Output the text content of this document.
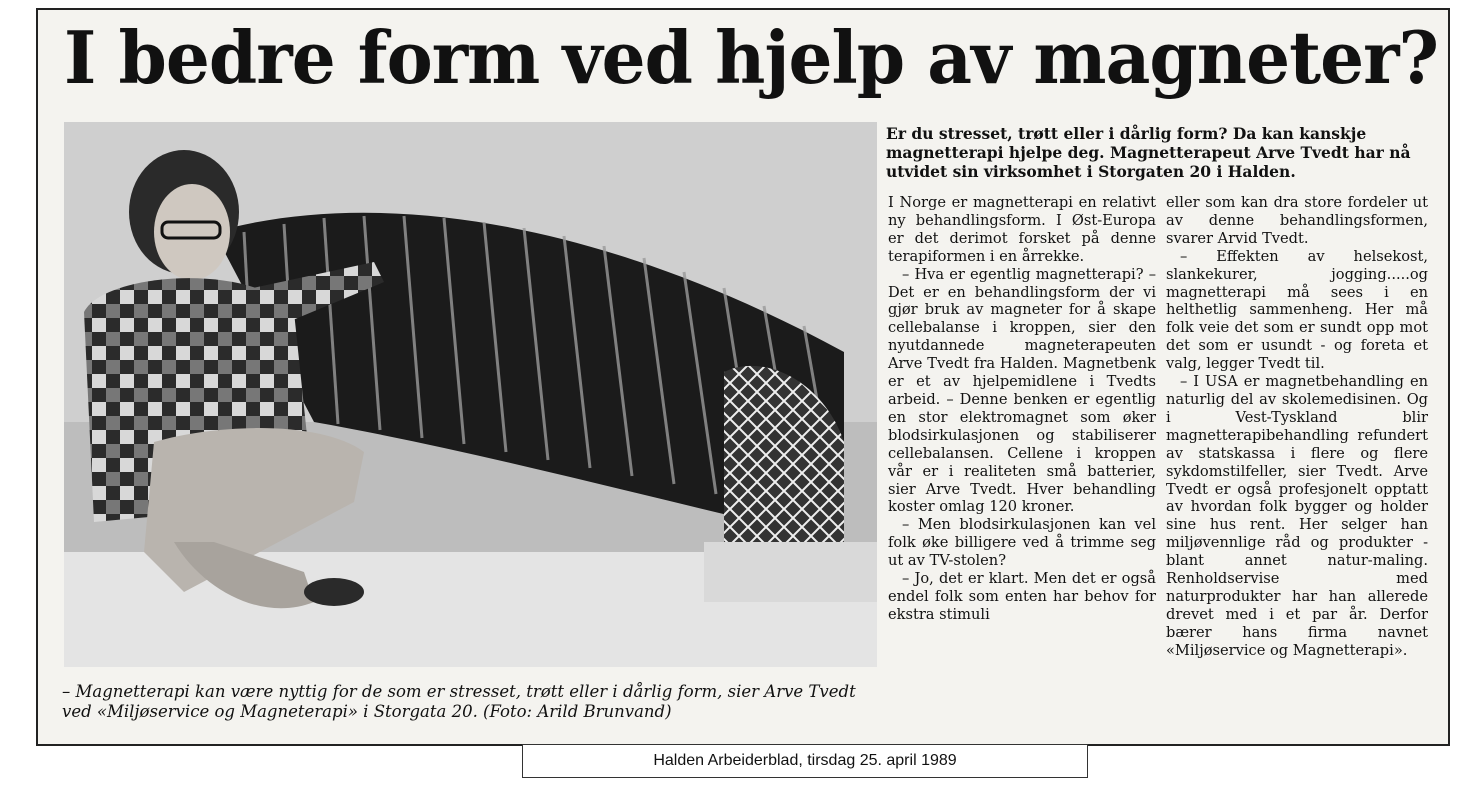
I bedre form ved hjelp av magneter?

– Magnetterapi kan være nyttig for de som er stresset, trøtt eller i dårlig form, sier Arve Tvedt ved «Miljøservice og Magneterapi» i Storgata 20. (Foto: Arild Brunvand)

Er du stresset, trøtt eller i dårlig form? Da kan kanskje magnetterapi hjelpe deg. Magnetterapeut Arve Tvedt har nå utvidet sin virksomhet i Storgaten 20 i Halden.

I Norge er magnetterapi en relativt ny behandlingsform. I Øst-Europa er det derimot forsket på denne terapiformen i en årrekke.

– Hva er egentlig magnetterapi? – Det er en behandlingsform der vi gjør bruk av magneter for å skape cellebalanse i kroppen, sier den nyutdannede magneterapeuten Arve Tvedt fra Halden. Magnetbenk er et av hjelpemidlene i Tvedts arbeid. – Denne benken er egentlig en stor elektromagnet som øker blodsirkulasjonen og stabiliserer cellebalansen. Cellene i kroppen vår er i realiteten små batterier, sier Arve Tvedt. Hver behandling koster omlag 120 kroner.

– Men blodsirkulasjonen kan vel folk øke billigere ved å trimme seg ut av TV-stolen?

– Jo, det er klart. Men det er også endel folk som enten har behov for ekstra stimuli

eller som kan dra store fordeler ut av denne behandlingsformen, svarer Arvid Tvedt.

– Effekten av helsekost, slankekurer, jogging.....og magnetterapi må sees i en helthetlig sammenheng. Her må folk veie det som er sundt opp mot det som er usundt - og foreta et valg, legger Tvedt til.

– I USA er magnetbehandling en naturlig del av skolemedisinen. Og i Vest-Tyskland blir magnetterapibehandling refundert av statskassa i flere og flere sykdomstilfeller, sier Tvedt. Arve Tvedt er også profesjonelt opptatt av hvordan folk bygger og holder sine hus rent. Her selger han miljøvennlige råd og produkter - blant annet natur-maling. Renholdservise med naturprodukter har han allerede drevet med i et par år. Derfor bærer hans firma navnet «Miljøservice og Magnetterapi».

Halden Arbeiderblad, tirsdag 25. april 1989
